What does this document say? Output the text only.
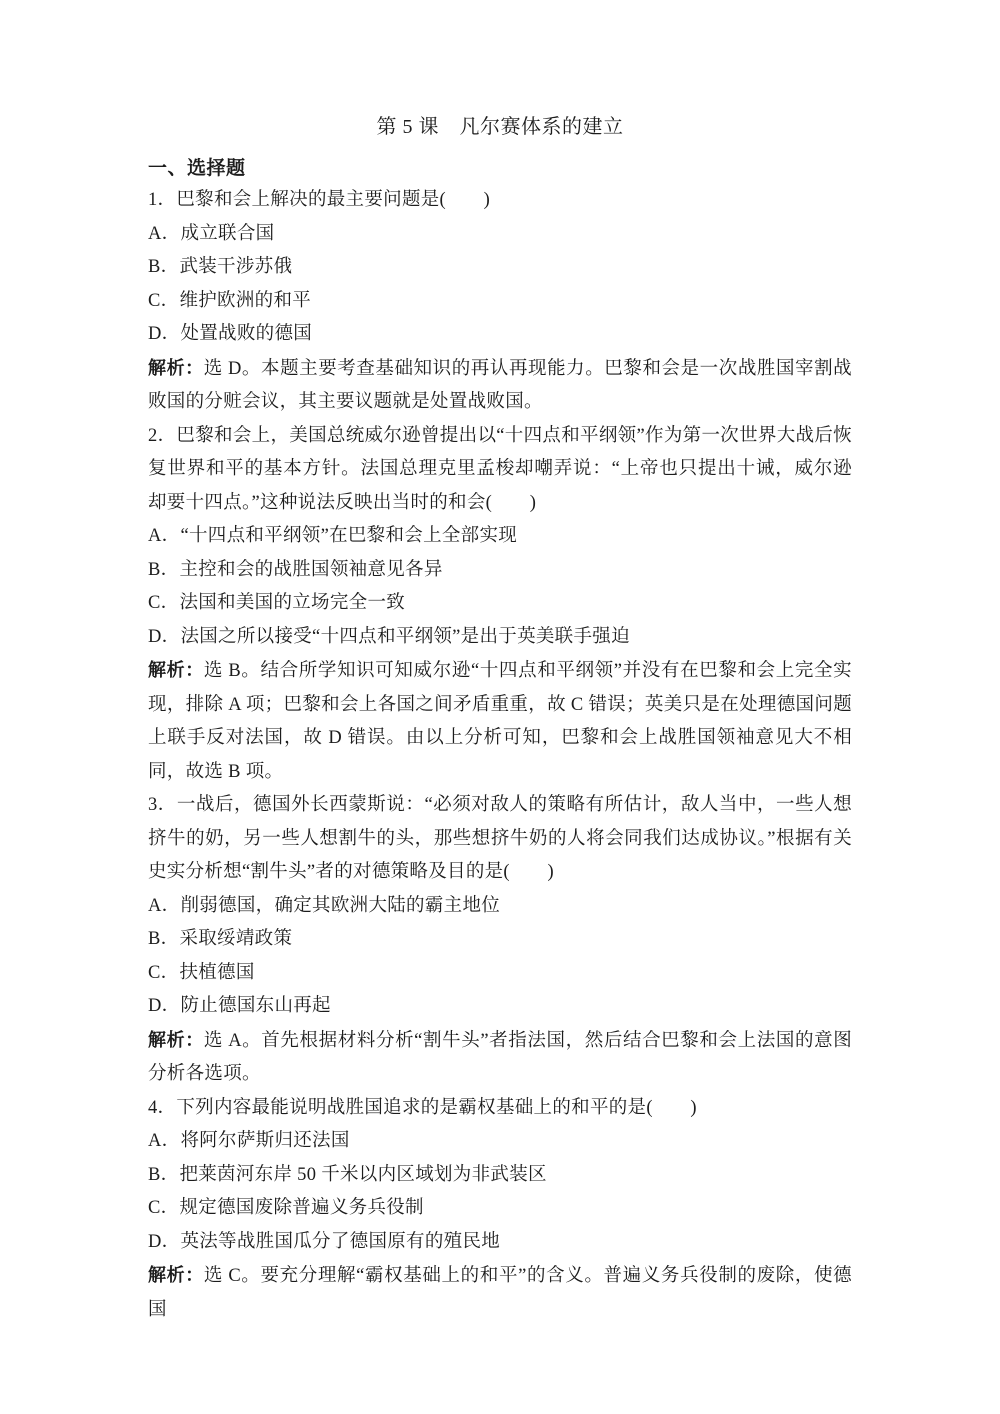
第 5 课　凡尔赛体系的建立
一、选择题

1．巴黎和会上解决的最主要问题是(　　)

A．成立联合国

B．武装干涉苏俄

C．维护欧洲的和平

D．处置战败的德国

解析：选 D。本题主要考查基础知识的再认再现能力。巴黎和会是一次战胜国宰割战败国的分赃会议，其主要议题就是处置战败国。

2．巴黎和会上，美国总统威尔逊曾提出以“十四点和平纲领”作为第一次世界大战后恢复世界和平的基本方针。法国总理克里孟梭却嘲弄说：“上帝也只提出十诫，威尔逊却要十四点。”这种说法反映出当时的和会(　　)

A．“十四点和平纲领”在巴黎和会上全部实现

B．主控和会的战胜国领袖意见各异

C．法国和美国的立场完全一致

D．法国之所以接受“十四点和平纲领”是出于英美联手强迫

解析：选 B。结合所学知识可知威尔逊“十四点和平纲领”并没有在巴黎和会上完全实现，排除 A 项；巴黎和会上各国之间矛盾重重，故 C 错误；英美只是在处理德国问题上联手反对法国，故 D 错误。由以上分析可知，巴黎和会上战胜国领袖意见大不相同，故选 B 项。

3．一战后，德国外长西蒙斯说：“必须对敌人的策略有所估计，敌人当中，一些人想挤牛的奶，另一些人想割牛的头，那些想挤牛奶的人将会同我们达成协议。”根据有关史实分析想“割牛头”者的对德策略及目的是(　　)

A．削弱德国，确定其欧洲大陆的霸主地位

B．采取绥靖政策

C．扶植德国

D．防止德国东山再起

解析：选 A。首先根据材料分析“割牛头”者指法国，然后结合巴黎和会上法国的意图分析各选项。

4．下列内容最能说明战胜国追求的是霸权基础上的和平的是(　　)

A．将阿尔萨斯归还法国

B．把莱茵河东岸 50 千米以内区域划为非武装区

C．规定德国废除普遍义务兵役制

D．英法等战胜国瓜分了德国原有的殖民地

解析：选 C。要充分理解“霸权基础上的和平”的含义。普遍义务兵役制的废除，使德国
